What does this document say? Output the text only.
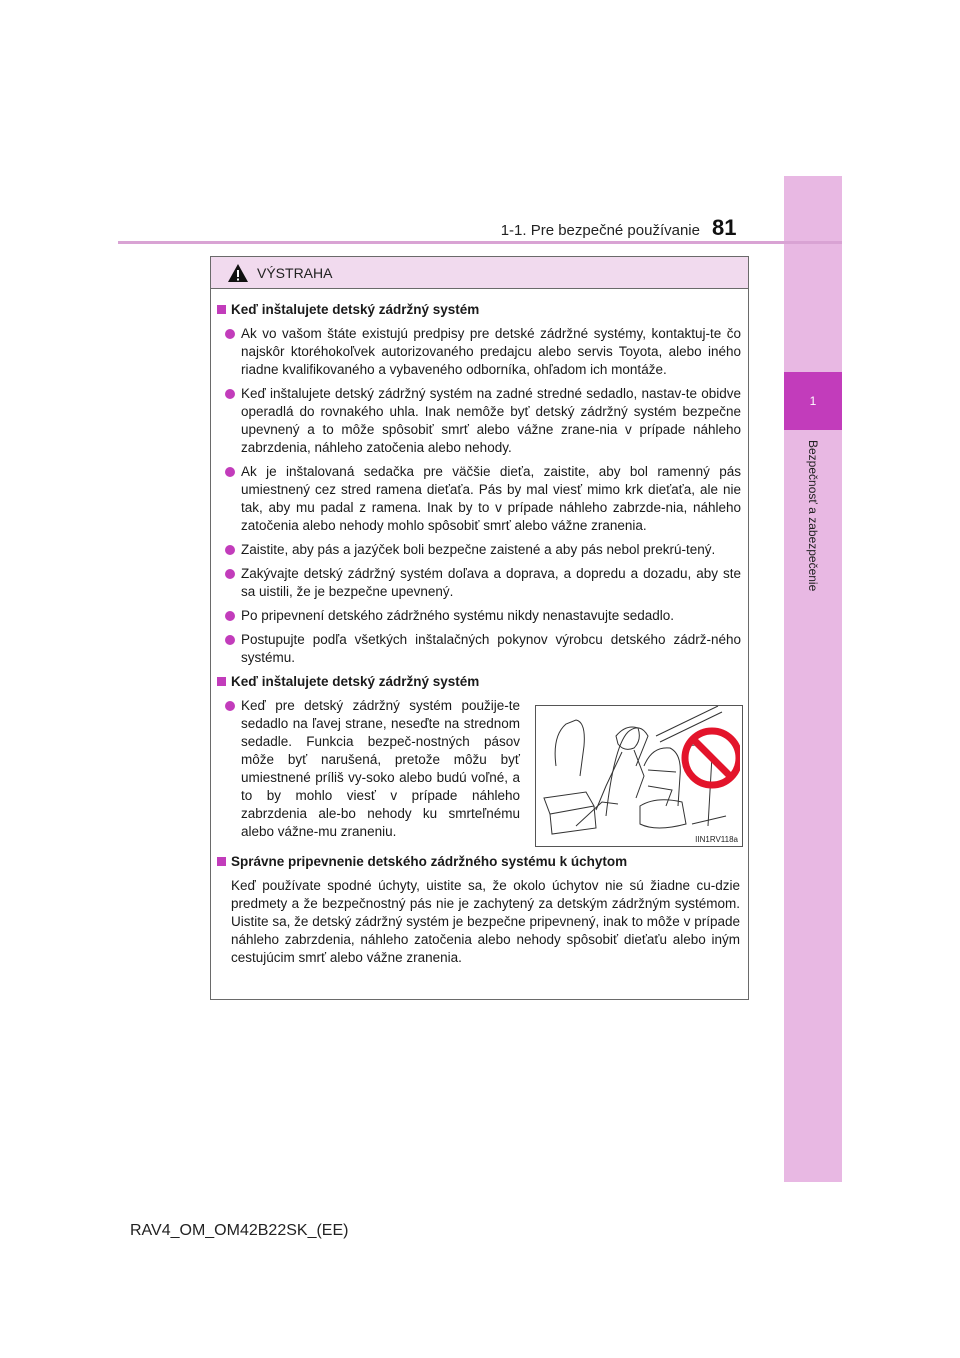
1
Bezpečnosť a zabezpečenie
1-1. Pre bezpečné používanie 81
VÝSTRAHA
Keď inštalujete detský zádržný systém
Ak vo vašom štáte existujú predpisy pre detské zádržné systémy, kontaktuj-te čo najskôr ktoréhokoľvek autorizovaného predajcu alebo servis Toyota, alebo iného riadne kvalifikovaného a vybaveného odborníka, ohľadom ich montáže.
Keď inštalujete detský zádržný systém na zadné stredné sedadlo, nastav-te obidve operadlá do rovnakého uhla. Inak nemôže byť detský zádržný systém bezpečne upevnený a to môže spôsobiť smrť alebo vážne zrane-nia v prípade náhleho zabrzdenia, náhleho zatočenia alebo nehody.
Ak je inštalovaná sedačka pre väčšie dieťa, zaistite, aby bol ramenný pás umiestnený cez stred ramena dieťaťa. Pás by mal viesť mimo krk dieťaťa, ale nie tak, aby mu padal z ramena. Inak by to v prípade náhleho zabrzde-nia, náhleho zatočenia alebo nehody mohlo spôsobiť smrť alebo vážne zranenia.
Zaistite, aby pás a jazýček boli bezpečne zaistené a aby pás nebol prekrú-tený.
Zakývajte detský zádržný systém doľava a doprava, a dopredu a dozadu, aby ste sa uistili, že je bezpečne upevnený.
Po pripevnení detského zádržného systému nikdy nenastavujte sedadlo.
Postupujte podľa všetkých inštalačných pokynov výrobcu detského zádrž-ného systému.
Keď inštalujete detský zádržný systém
Keď pre detský zádržný systém použije-te sedadlo na ľavej strane, neseďte na strednom sedadle. Funkcia bezpeč-nostných pásov môže byť narušená, pretože môžu byť umiestnené príliš vy-soko alebo budú voľné, a to by mohlo viesť v prípade náhleho zabrzdenia ale-bo nehody ku smrteľnému alebo vážne-mu zraneniu.
IIN1RV118a
Správne pripevnenie detského zádržného systému k úchytom

Keď používate spodné úchyty, uistite sa, že okolo úchytov nie sú žiadne cu-dzie predmety a že bezpečnostný pás nie je zachytený za detským zádržným systémom. Uistite sa, že detský zádržný systém je bezpečne pripevnený, inak to môže v prípade náhleho zabrzdenia, náhleho zatočenia alebo nehody spôsobiť dieťaťu alebo iným cestujúcim smrť alebo vážne zranenia.

RAV4_OM_OM42B22SK_(EE)
